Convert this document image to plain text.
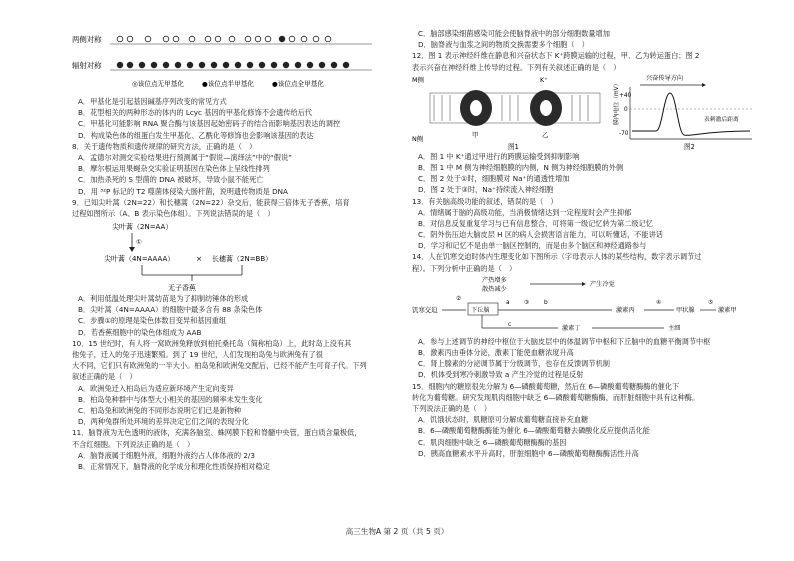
两侧对称
辐射对称
◎该位点无甲基化	●该位点半甲基化	●该位点全甲基化
A．甲基化是引起基因碱基序列改变的常见方式
B．花型相关的两种形态的体内的 Lcyc 基因的甲基化修饰不会遗传给后代
C．甲基化可能影响 RNA 聚合酶与该基因起始密码子的结合而影响基因表达的调控
D．构成染色体的组蛋白发生甲基化、乙酰化等修饰也会影响该基因的表达
8．关于遗传物质和遗传规律的研究方法，正确的是（　）
A．孟德尔对测交实验结果进行预测属于“假说—演绎法”中的“假说”
B．摩尔根运用果蝇杂交实验证明基因在染色体上呈线性排列
C．加热杀死的 S 型菌的 DNA 被破坏，导致小鼠不能死亡
D．用 ³²P 标记的 T2 噬菌体侵染大肠杆菌，说明遗传物质是 DNA
9．已知尖叶蒿（2N=22）和长穗蒿（2N=22）杂交后，能获得三倍体无子香蕉，培育
过程如图所示（A、B 表示染色体组）。下列说法错误的是（　）
尖叶蒿（2N=AA）
①
尖叶蒿（4N=AAAA）	× 长穗蒿（2N=BB）
无子香蕉
A．利用低温处理尖叶蒿幼苗是为了抑制纺锤体的形成
B．尖叶蒿（4N=AAAA）的细胞中最多含有 88 条染色体
C．步骤①的原理是染色体数目变异和基因重组
D．若香蕉细胞中的染色体组成为 AAB
10．15 世纪时，有人将一窝欧洲兔释放到柏托桑托岛（简称柏岛）上，此时岛上没有其
他兔子，迁入的兔子迅速繁殖。到了 19 世纪，人们发现柏岛兔与欧洲兔有了很
大不同，它们只有欧洲兔的一半大小。柏岛兔和欧洲兔交配后，已经不能产生可育子代。下列
叙述正确的是（　）
A．欧洲兔迁入柏岛后为适应新环境产生定向变异
B．柏岛兔种群中与体型大小相关的基因的频率未发生变化
C．柏岛兔和欧洲兔的不同形态说明它们已是新物种
D．两种兔群所处环境的差异决定它们之间的表现分化
11．脑脊液为无色透明的液体，充满各脑室、蛛网膜下腔和脊髓中央管，蛋白质含量极低，
不含红细胞。下列说法正确的是（　）
A．脑脊液属于细胞外液，细胞外液约占人体体液的 2/3
B．正常情况下，脑脊液的化学成分和理化性质保持相对稳定
C．脑部感染细菌感染可能会使脑脊液中的部分细胞数量增加
D．脑脊液与血浆之间的物质交换需要多个细胞（　）
12．图 1 表示神经纤维在静息和兴奋状态下 K⁺跨膜运输的过程，甲、乙为转运蛋白；图 2
表示兴奋在神经纤维上传导的过程。下列有关叙述正确的是（　）
M侧
N侧
K⁺
甲	乙
图1
兴奋传导方向
膜内电位（mV） +40
0
-70
表刺激后距离
图2
A．图 1 中 K⁺通过甲进行的跨膜运输受到抑制影响
B．图 1 中 M 侧为神经细胞膜的内侧，N 侧为神经细胞膜的外侧
C．图 2 处于①时，细胞膜对 Na⁺的通透性增加
D．图 2 处于③时，Na⁺持续流入神经细胞
13．有关脑高级功能的叙述，错误的是（　）
A．情绪属于脑的高级功能，当消极情绪达到一定程度时会产生抑郁
B．对信息反复重复学习与已有信息整合，可将第一级记忆转为第二级记忆
C．阴外伤压迫大脑皮层 H 区的病人会损害语言能力，可以听懂话，不能讲话
D．学习和记忆不是由单一脑区控制的，而是由多个脑区和神经通路参与
14．人在饥寒交迫时体内生理变化如下图所示（字母表示人体的某些结构，数字表示调节过
程）。下列分析中正确的是（　）
产热增多
散热减少
产生冷觉
饥寒交迫	下丘脑
a	b
激素丙	甲状腺	激素甲
激素丁	主细
c
②
③	④	⑤
A．参与上述调节的神经中枢位于大脑皮层中的体温调节中枢和下丘脑中的血糖平衡调节中枢
B．激素丙由垂体分泌，激素丁能使血糖浓度升高
C．肾上腺素的分泌调节属于分级调节，也存在反馈调节机制
D．机体受到寒冷刺激导致 a 产生冷觉的过程是反射
15．细胞内的糖原很先分解为 6—磷酸葡萄糖，然后在 6—磷酸葡萄糖酶酶的催化下
转化为葡萄糖。研究发现肌肉细胞中缺乏 6—磷酸葡萄糖酶酶，而肝脏细胞中具有这种酶。
下列说法正确的是（　）
A．饥饿状态时，肌糖原可分解成葡萄糖直接补充血糖
B．6—磷酸葡萄糖酶酶能为催化 6—磷酸葡萄糖去磷酸化反应提供活化能
C．肌肉细胞中缺乏 6—磷酸葡萄糖酶酶的基因
D．胰高血糖素水平升高时，肝脏细胞中 6—磷酸葡萄糖酶酶活性升高
高三生物A 第 2 页（共 5 页）
